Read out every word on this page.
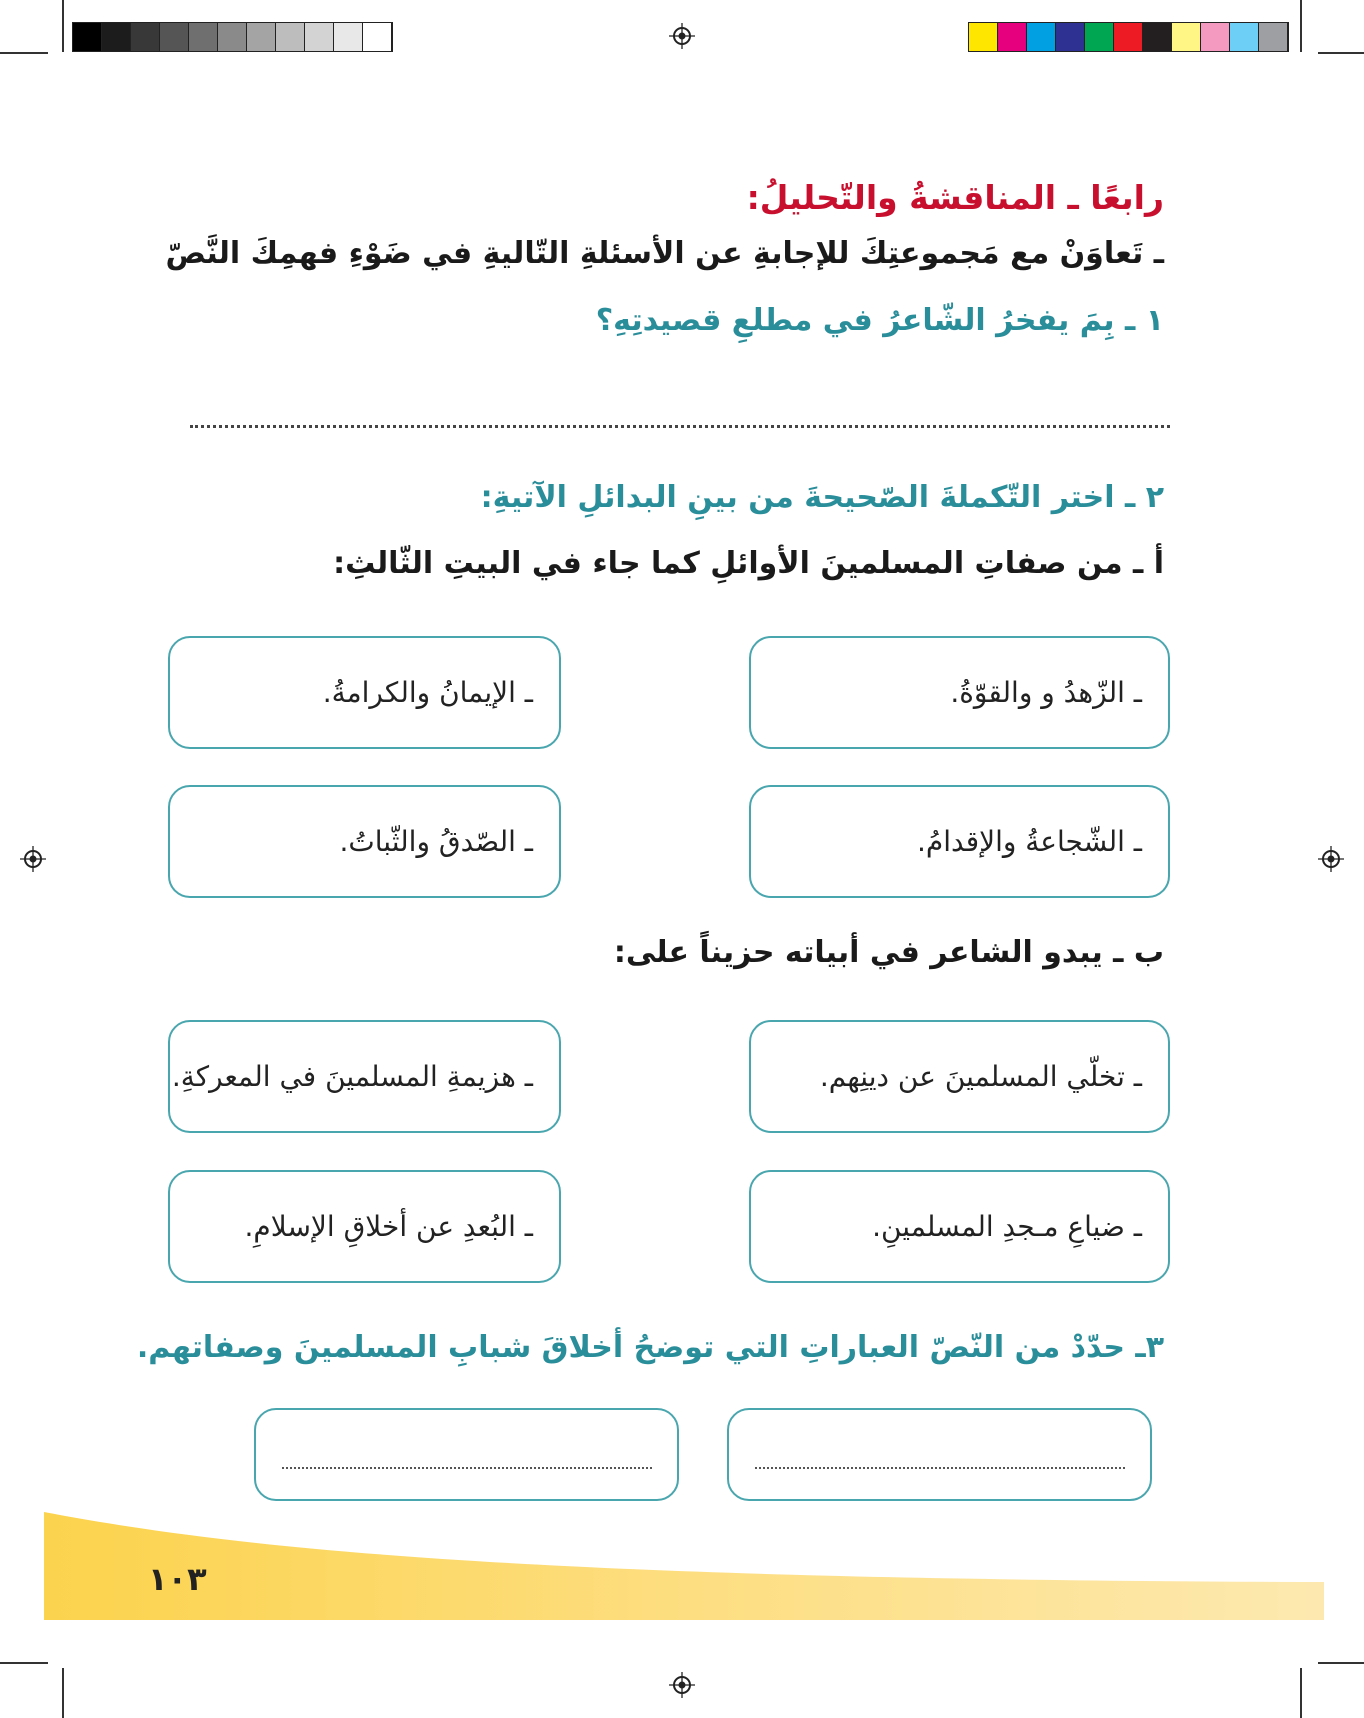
رابعًا ـ المناقشةُ والتّحليلُ:
ـ تَعاوَنْ مع مَجموعتِكَ للإجابةِ عن الأسئلةِ التّاليةِ في ضَوْءِ فهمِكَ النَّصّ
١ ـ بِمَ يفخرُ الشّاعرُ في مطلعِ قصيدتِهِ؟
٢ ـ اختر التّكملةَ الصّحيحةَ من بينِ البدائلِ الآتيةِ:
أ ـ من صفاتِ المسلمينَ الأوائلِ كما جاء في البيتِ الثّالثِ:
ـ الزّهدُ و والقوّةُ.
ـ الإيمانُ والكرامةُ.
ـ الشّجاعةُ والإقدامُ.
ـ الصّدقُ والثّباتُ.
ب ـ يبدو الشاعر في أبياته حزيناً على:
ـ تخلّي المسلمينَ عن دينِهم.
ـ هزيمةِ المسلمينَ في المعركةِ.
ـ ضياعِ مـجدِ المسلمينِ.
ـ البُعدِ عن أخلاقِ الإسلامِ.
٣ـ حدّدْ من النّصّ العباراتِ التي توضحُ أخلاقَ شبابِ المسلمينَ وصفاتهم.
١٠٣
